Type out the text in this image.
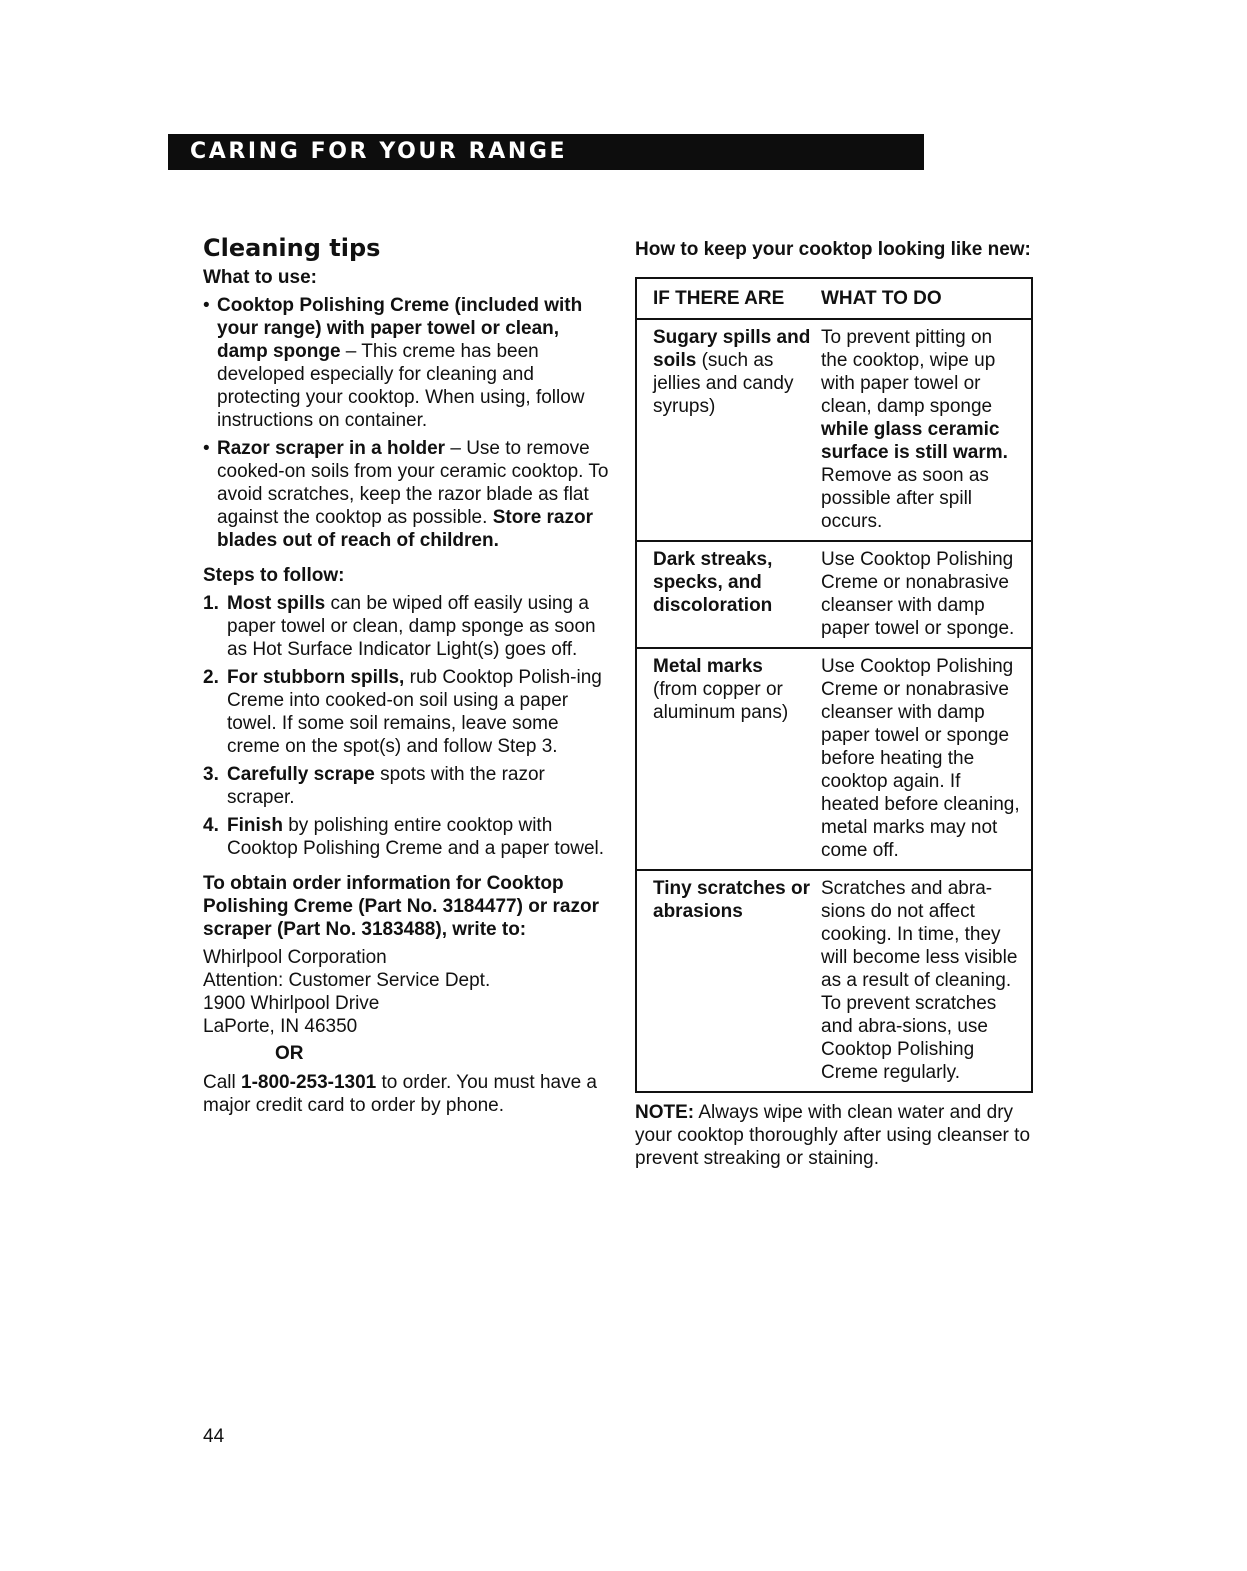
CARING FOR YOUR RANGE
Cleaning tips
What to use:
• Cooktop Polishing Creme (included with your range) with paper towel or clean, damp sponge – This creme has been developed especially for cleaning and protecting your cooktop. When using, follow instructions on container.
• Razor scraper in a holder – Use to remove cooked-on soils from your ceramic cooktop. To avoid scratches, keep the razor blade as flat against the cooktop as possible. Store razor blades out of reach of children.
Steps to follow:
1. Most spills can be wiped off easily using a paper towel or clean, damp sponge as soon as Hot Surface Indicator Light(s) goes off.
2. For stubborn spills, rub Cooktop Polish-ing Creme into cooked-on soil using a paper towel. If some soil remains, leave some creme on the spot(s) and follow Step 3.
3. Carefully scrape spots with the razor scraper.
4. Finish by polishing entire cooktop with Cooktop Polishing Creme and a paper towel.
To obtain order information for Cooktop Polishing Creme (Part No. 3184477) or razor scraper (Part No. 3183488), write to:
Whirlpool Corporation
Attention: Customer Service Dept.
1900 Whirlpool Drive
LaPorte, IN 46350
OR

Call 1-800-253-1301 to order. You must have a major credit card to order by phone.

How to keep your cooktop looking like new:
IF THERE ARE	WHAT TO DO
Sugary spills and soils (such as jellies and candy syrups)	To prevent pitting on the cooktop, wipe up with paper towel or clean, damp sponge while glass ceramic surface is still warm. Remove as soon as possible after spill occurs.
Dark streaks, specks, and discoloration	Use Cooktop Polishing Creme or nonabrasive cleanser with damp paper towel or sponge.
Metal marks (from copper or aluminum pans)	Use Cooktop Polishing Creme or nonabrasive cleanser with damp paper towel or sponge before heating the cooktop again. If heated before cleaning, metal marks may not come off.
Tiny scratches or abrasions	Scratches and abra-sions do not affect cooking. In time, they will become less visible as a result of cleaning. To prevent scratches and abra-sions, use Cooktop Polishing Creme regularly.
NOTE: Always wipe with clean water and dry your cooktop thoroughly after using cleanser to prevent streaking or staining.
44
